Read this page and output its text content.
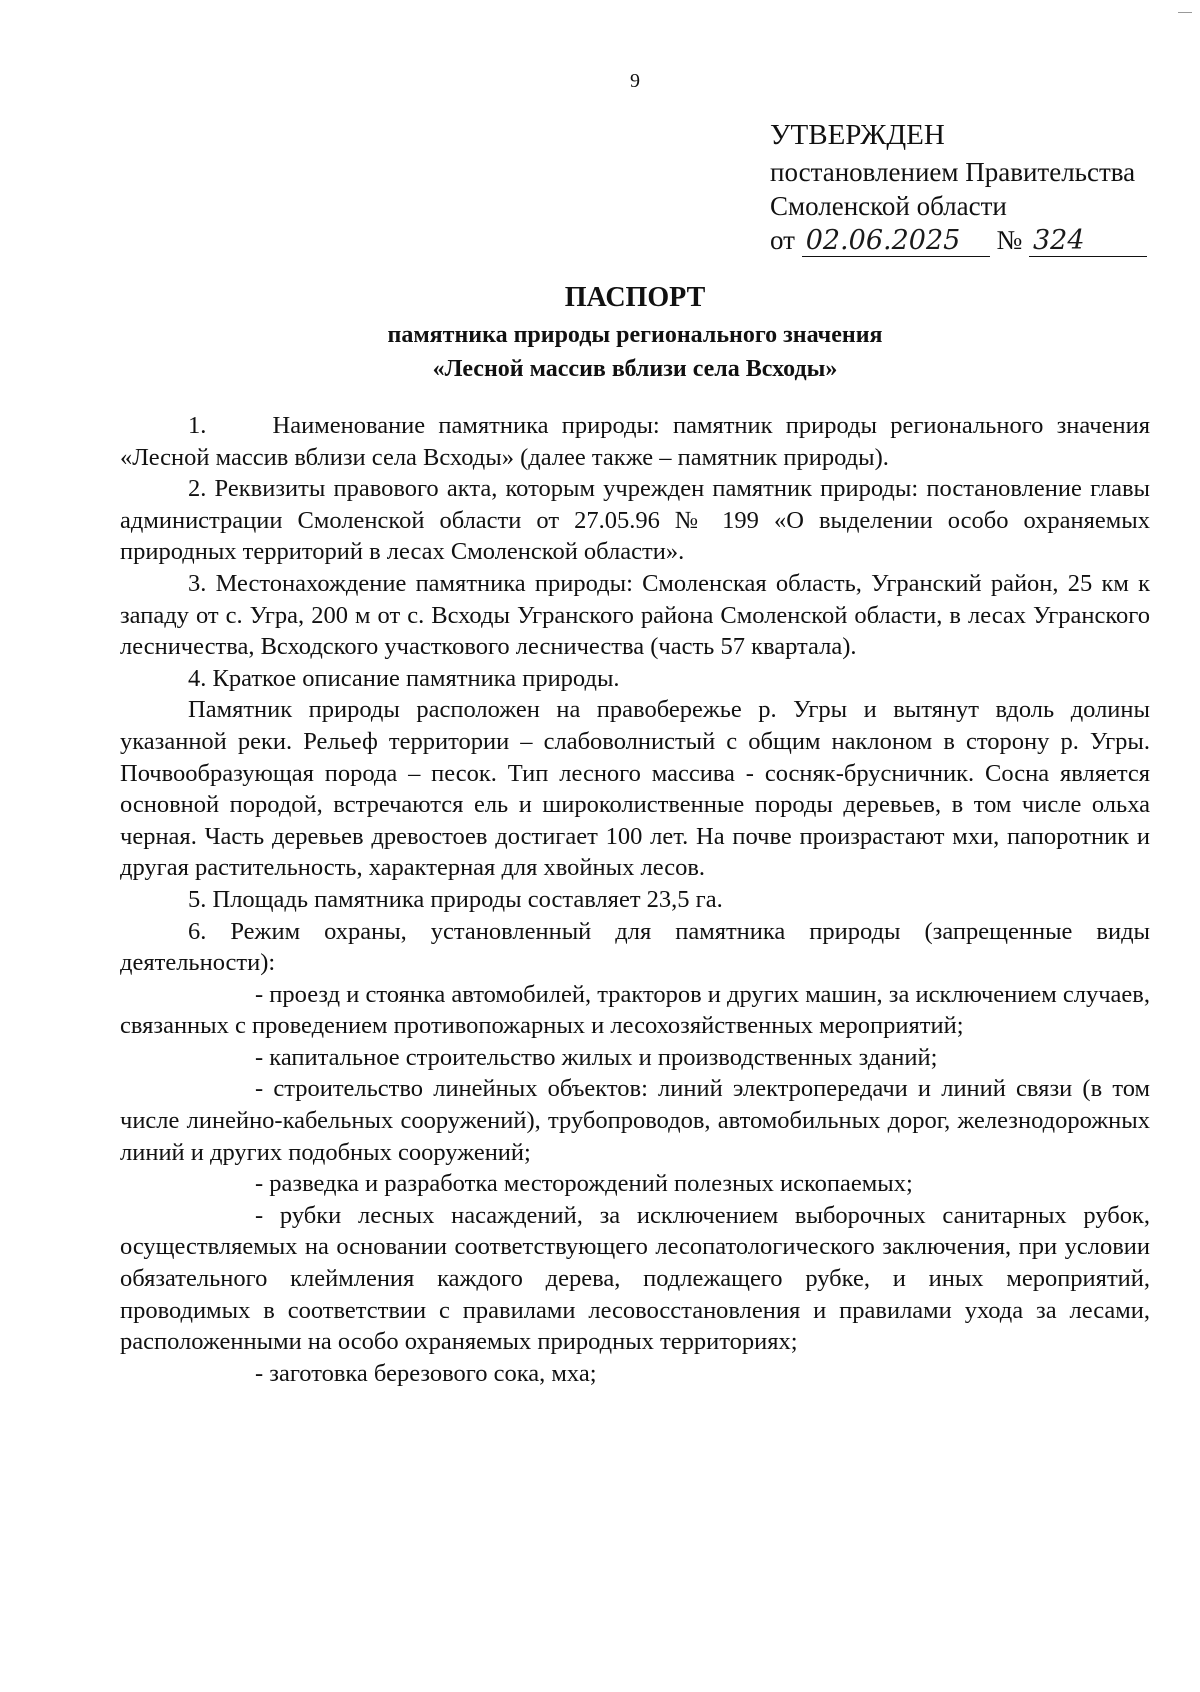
9
УТВЕРЖДЕН
постановлением Правительства
Смоленской области
от 02.06.2025 № 324
ПАСПОРТ
памятника природы регионального значения
«Лесной массив вблизи села Всходы»

1.     Наименование памятника природы: памятник природы регионального значения «Лесной массив вблизи села Всходы» (далее также – памятник природы).

2. Реквизиты правового акта, которым учрежден памятник природы: постановление главы администрации Смоленской области от 27.05.96 № 199 «О выделении особо охраняемых природных территорий в лесах Смоленской области».

3. Местонахождение памятника природы: Смоленская область, Угранский район, 25 км к западу от с. Угра, 200 м от с. Всходы Угранского района Смоленской области, в лесах Угранского лесничества, Всходского участкового лесничества (часть 57 квартала).

4. Краткое описание памятника природы.

Памятник природы расположен на правобережье р. Угры и вытянут вдоль долины указанной реки. Рельеф территории – слабоволнистый с общим наклоном в сторону р. Угры. Почвообразующая порода – песок. Тип лесного массива - сосняк-брусничник. Сосна является основной породой, встречаются ель и широколиственные породы деревьев, в том числе ольха черная. Часть деревьев древостоев достигает 100 лет. На почве произрастают мхи, папоротник и другая растительность, характерная для хвойных лесов.

5. Площадь памятника природы составляет 23,5 га.

6. Режим охраны, установленный для памятника природы (запрещенные виды деятельности):

- проезд и стоянка автомобилей, тракторов и других машин, за исключением случаев, связанных с проведением противопожарных и лесохозяйственных мероприятий;

- капитальное строительство жилых и производственных зданий;

- строительство линейных объектов: линий электропередачи и линий связи (в том числе линейно-кабельных сооружений), трубопроводов, автомобильных дорог, железнодорожных линий и других подобных сооружений;

- разведка и разработка месторождений полезных ископаемых;

- рубки лесных насаждений, за исключением выборочных санитарных рубок, осуществляемых на основании соответствующего лесопатологического заключения, при условии обязательного клеймления каждого дерева, подлежащего рубке, и иных мероприятий, проводимых в соответствии с правилами лесовосстановления и правилами ухода за лесами, расположенными на особо охраняемых природных территориях;

- заготовка березового сока, мха;
